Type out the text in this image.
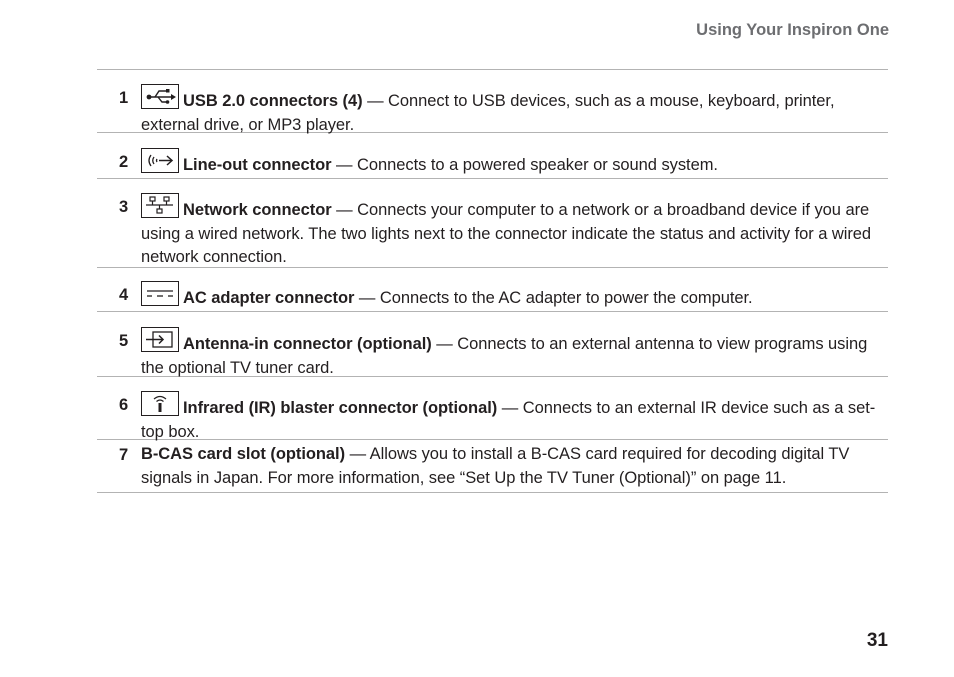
Using Your Inspiron One
1	USB 2.0 connectors (4) — Connect to USB devices, such as a mouse, keyboard, printer, external drive, or MP3 player.
2	Line-out connector — Connects to a powered speaker or sound system.
3	Network connector — Connects your computer to a network or a broadband device if you are using a wired network. The two lights next to the connector indicate the status and activity for a wired network connection.
4	AC adapter connector — Connects to the AC adapter to power the computer.
5	Antenna-in connector (optional) — Connects to an external antenna to view programs using the optional TV tuner card.
6	Infrared (IR) blaster connector (optional) — Connects to an external IR device such as a set-top box.
7 B-CAS card slot (optional) — Allows you to install a B-CAS card required for decoding digital TV signals in Japan. For more information, see “Set Up the TV Tuner (Optional)” on page 11.
31
